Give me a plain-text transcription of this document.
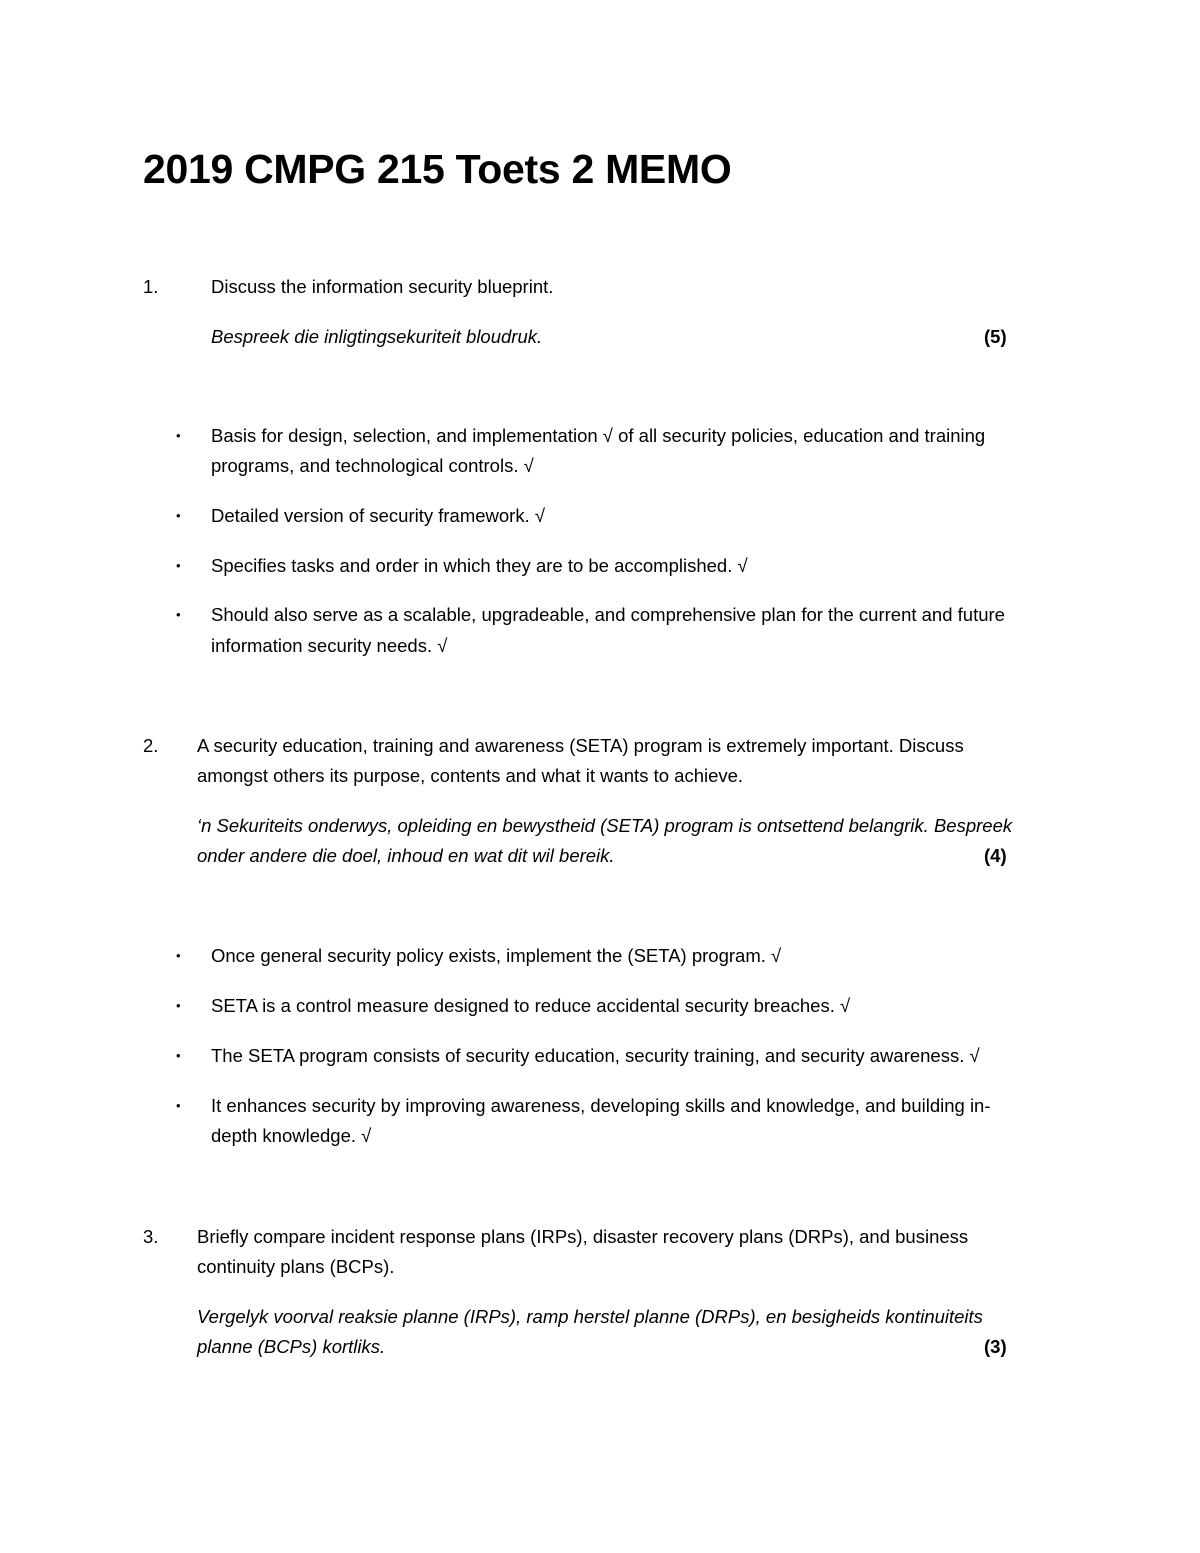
2019 CMPG 215 Toets 2 MEMO
1.	Discuss the information security blueprint.
Bespreek die inligtingsekuriteit bloudruk.	(5)
• Basis for design, selection, and implementation √ of all security policies, education and training
programs, and technological controls. √
• Detailed version of security framework. √
• Specifies tasks and order in which they are to be accomplished. √
• Should also serve as a scalable, upgradeable, and comprehensive plan for the current and future
information security needs. √
2. A security education, training and awareness (SETA) program is extremely important. Discuss
amongst others its purpose, contents and what it wants to achieve.
‘n Sekuriteits onderwys, opleiding en bewystheid (SETA) program is ontsettend belangrik. Bespreek
onder andere die doel, inhoud en wat dit wil bereik.	(4)
• Once general security policy exists, implement the (SETA) program. √
• SETA is a control measure designed to reduce accidental security breaches. √
• The SETA program consists of security education, security training, and security awareness. √
• It enhances security by improving awareness, developing skills and knowledge, and building in-
depth knowledge. √
3. Briefly compare incident response plans (IRPs), disaster recovery plans (DRPs), and business
continuity plans (BCPs).
Vergelyk voorval reaksie planne (IRPs), ramp herstel planne (DRPs), en besigheids kontinuiteits
planne (BCPs) kortliks.	(3)
